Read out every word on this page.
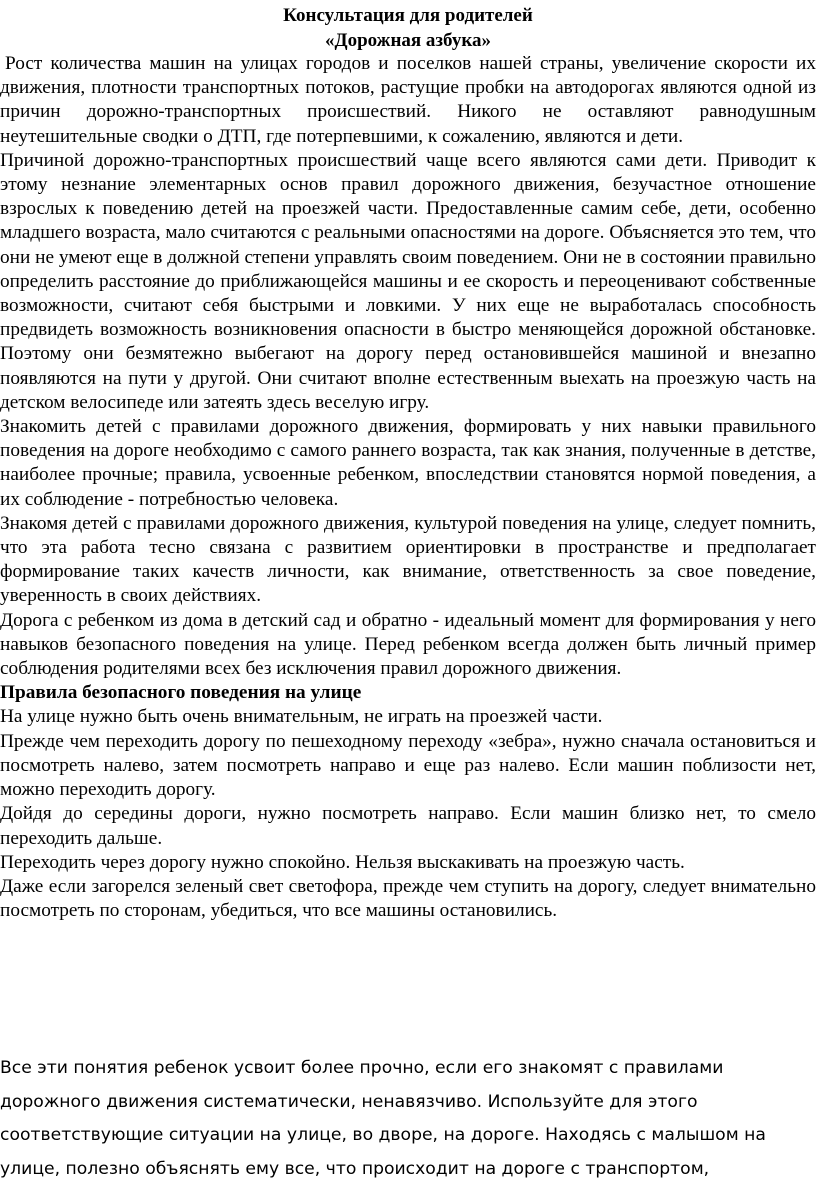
Консультация для родителей
«Дорожная азбука»

Рост количества машин на улицах городов и поселков нашей страны, увеличение скорости их движения, плотности транспортных потоков, растущие пробки на автодорогах являются одной из причин дорожно-транспортных происшествий. Никого не оставляют равнодушным неутешительные сводки о ДТП, где потерпевшими, к сожалению, являются и дети.

Причиной дорожно-транспортных происшествий чаще всего являются сами дети. Приводит к этому незнание элементарных основ правил дорожного движения, безучастное отношение взрослых к поведению детей на проезжей части. Предоставленные самим себе, дети, особенно младшего возраста, мало считаются с реальными опасностями на дороге. Объясняется это тем, что они не умеют еще в должной степени управлять своим поведением. Они не в состоянии правильно определить расстояние до приближающейся машины и ее скорость и переоценивают собственные возможности, считают себя быстрыми и ловкими. У них еще не выработалась способность предвидеть возможность возникновения опасности в быстро меняющейся дорожной обстановке. Поэтому они безмятежно выбегают на дорогу перед остановившейся машиной и внезапно появляются на пути у другой. Они считают вполне естественным выехать на проезжую часть на детском велосипеде или затеять здесь веселую игру.

Знакомить детей с правилами дорожного движения, формировать у них навыки правильного поведения на дороге необходимо с самого раннего возраста, так как знания, полученные в детстве, наиболее прочные; правила, усвоенные ребенком, впоследствии становятся нормой поведения, а их соблюдение - потребностью человека.

Знакомя детей с правилами дорожного движения, культурой поведения на улице, следует помнить, что эта работа тесно связана с развитием ориентировки в пространстве и предполагает формирование таких качеств личности, как внимание, ответственность за свое поведение, уверенность в своих действиях.

Дорога с ребенком из дома в детский сад и обратно - идеальный момент для формирования у него навыков безопасного поведения на улице. Перед ребенком всегда должен быть личный пример соблюдения родителями всех без исключения правил дорожного движения.

Правила безопасного поведения на улице

На улице нужно быть очень внимательным, не играть на проезжей части.

Прежде чем переходить дорогу по пешеходному переходу «зебра», нужно сначала остановиться и посмотреть налево, затем посмотреть направо и еще раз налево. Если машин поблизости нет, можно переходить дорогу.

Дойдя до середины дороги, нужно посмотреть направо. Если машин близко нет, то смело переходить дальше.

Переходить через дорогу нужно спокойно. Нельзя выскакивать на проезжую часть.

Даже если загорелся зеленый свет светофора, прежде чем ступить на дорогу, следует внимательно посмотреть по сторонам, убедиться, что все машины остановились.

Все эти понятия ребенок усвоит более прочно, если его знакомят с правилами
дорожного движения систематически, ненавязчиво. Используйте для этого
соответствующие ситуации на улице, во дворе, на дороге. Находясь с малышом на
улице, полезно объяснять ему все, что происходит на дороге с транспортом,
